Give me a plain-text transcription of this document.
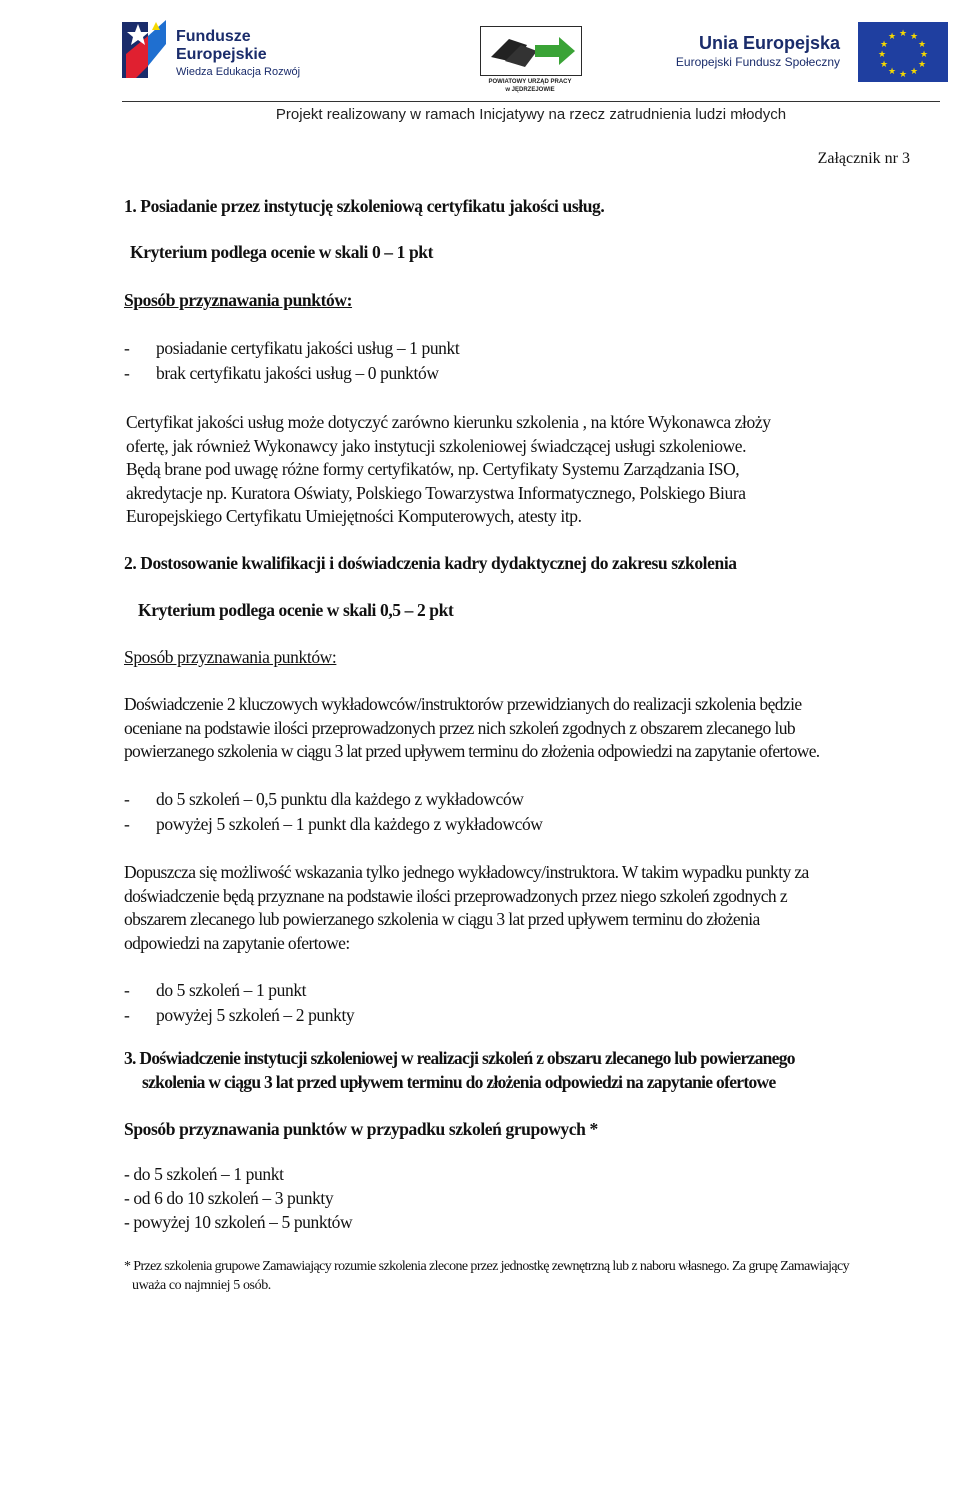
Fundusze
Europejskie
Wiedza Edukacja Rozwój
POWIATOWY URZĄD PRACY
w JĘDRZEJOWIE
Unia Europejska
Europejski Fundusz Społeczny
★ ★
★
★
★
★
★
★
★
★
★
★
Projekt realizowany w ramach Inicjatywy na rzecz zatrudnienia ludzi młodych
Załącznik nr 3
1. Posiadanie przez instytucję szkoleniową certyfikatu jakości usług.
Kryterium podlega ocenie w skali 0 – 1 pkt
Sposób przyznawania punktów:
- posiadanie certyfikatu jakości usług – 1 punkt
- brak certyfikatu jakości usług – 0 punktów
Certyfikat jakości usług może dotyczyć zarówno kierunku szkolenia , na które Wykonawca złoży
ofertę, jak również Wykonawcy jako instytucji szkoleniowej świadczącej usługi szkoleniowe.
Będą brane pod uwagę różne formy certyfikatów, np. Certyfikaty Systemu Zarządzania ISO,
akredytacje np. Kuratora Oświaty, Polskiego Towarzystwa Informatycznego, Polskiego Biura
Europejskiego Certyfikatu Umiejętności Komputerowych, atesty itp.
2. Dostosowanie kwalifikacji i doświadczenia kadry dydaktycznej do zakresu szkolenia
Kryterium podlega ocenie w skali 0,5 – 2 pkt
Sposób przyznawania punktów:
Doświadczenie 2 kluczowych wykładowców/instruktorów przewidzianych do realizacji szkolenia będzie
oceniane na podstawie ilości przeprowadzonych przez nich szkoleń zgodnych z obszarem zlecanego lub
powierzanego szkolenia w ciągu 3 lat przed upływem terminu do złożenia odpowiedzi na zapytanie ofertowe.
- do 5 szkoleń – 0,5 punktu dla każdego z wykładowców
- powyżej 5 szkoleń – 1 punkt dla każdego z wykładowców
Dopuszcza się możliwość wskazania tylko jednego wykładowcy/instruktora. W takim wypadku punkty za
doświadczenie będą przyznane na podstawie ilości przeprowadzonych przez niego szkoleń zgodnych z
obszarem zlecanego lub powierzanego szkolenia w ciągu 3 lat przed upływem terminu do złożenia
odpowiedzi na zapytanie ofertowe:
- do 5 szkoleń – 1 punkt
- powyżej 5 szkoleń – 2 punkty
3. Doświadczenie instytucji szkoleniowej w realizacji szkoleń z obszaru zlecanego lub powierzanego
szkolenia w ciągu 3 lat przed upływem terminu do złożenia odpowiedzi na zapytanie ofertowe
Sposób przyznawania punktów w przypadku szkoleń grupowych *
- do 5 szkoleń – 1 punkt
- od 6 do 10 szkoleń – 3 punkty
- powyżej 10 szkoleń – 5 punktów
* Przez szkolenia grupowe Zamawiający rozumie szkolenia zlecone przez jednostkę zewnętrzną lub z naboru własnego. Za grupę Zamawiający
uważa co najmniej 5 osób.
